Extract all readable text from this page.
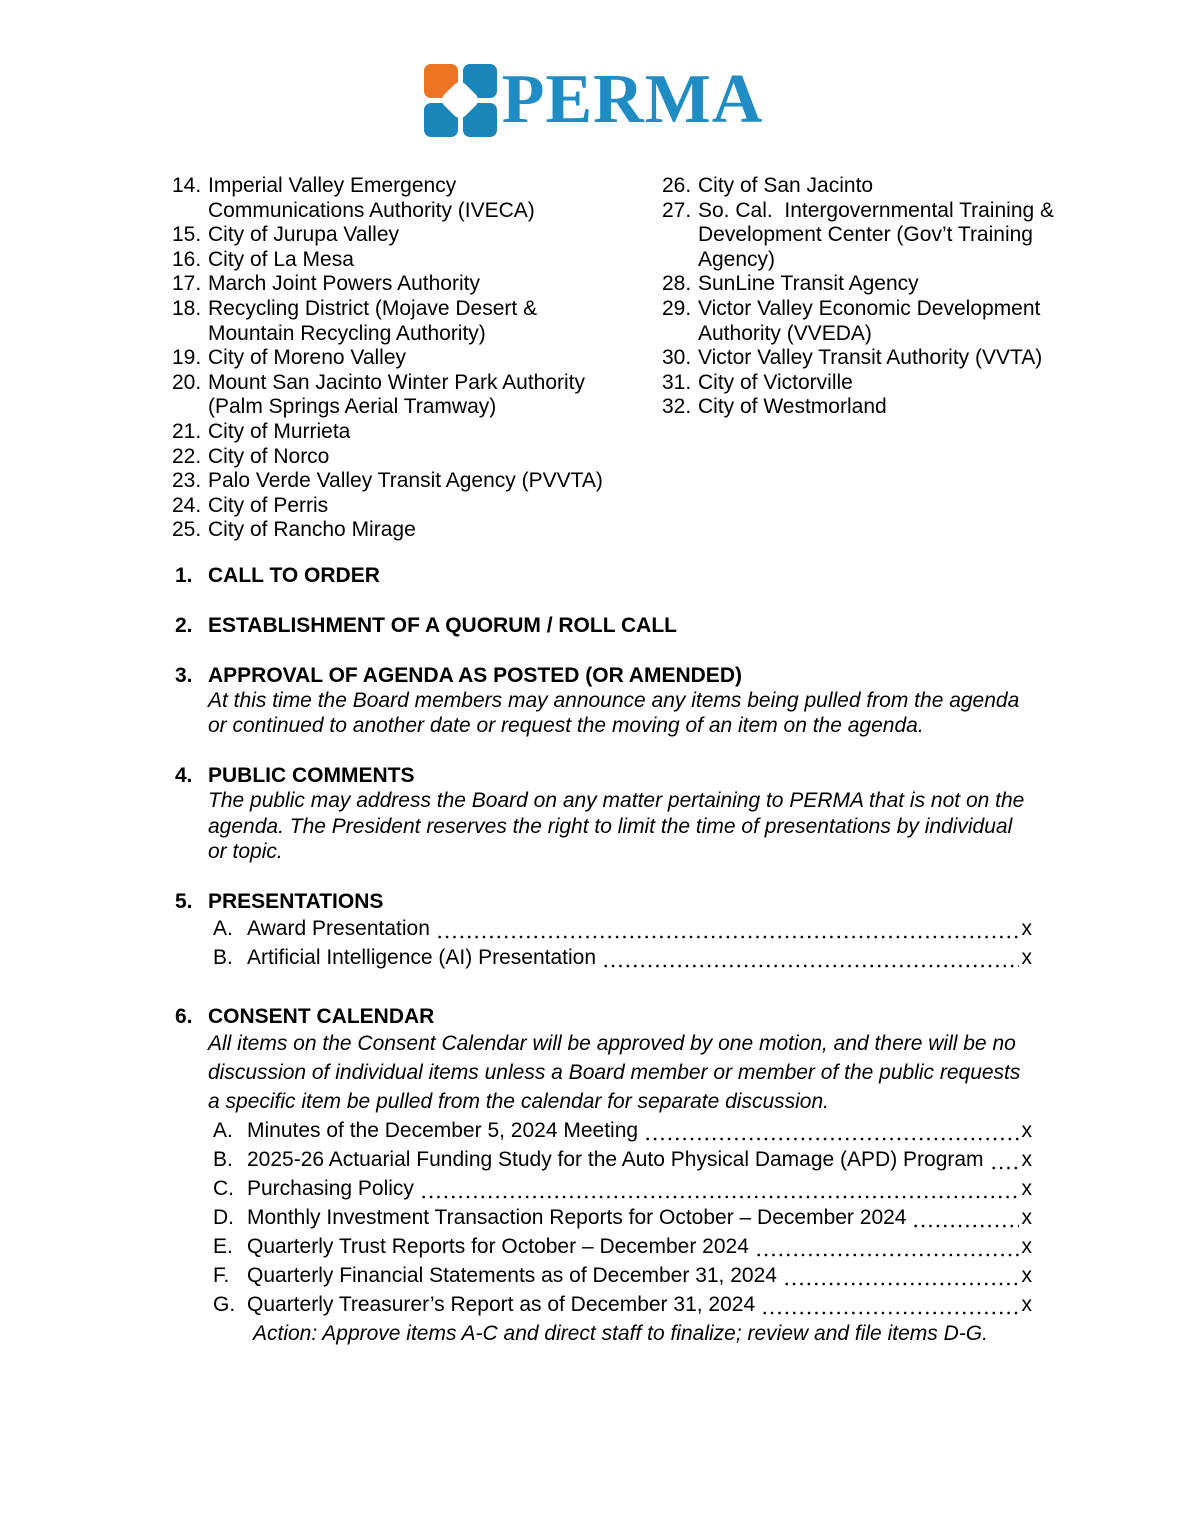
PERMA
14. Imperial Valley Emergency Communications Authority (IVECA)
15. City of Jurupa Valley
16. City of La Mesa
17. March Joint Powers Authority
18. Recycling District (Mojave Desert & Mountain Recycling Authority)
19. City of Moreno Valley
20. Mount San Jacinto Winter Park Authority (Palm Springs Aerial Tramway)
21. City of Murrieta
22. City of Norco
23. Palo Verde Valley Transit Agency (PVVTA)
24. City of Perris
25. City of Rancho Mirage
26. City of San Jacinto
27. So. Cal.  Intergovernmental Training & Development Center (Gov’t Training Agency)
28. SunLine Transit Agency
29. Victor Valley Economic Development Authority (VVEDA)
30. Victor Valley Transit Authority (VVTA)
31. City of Victorville
32. City of Westmorland
1. CALL TO ORDER
2. ESTABLISHMENT OF A QUORUM / ROLL CALL
3. APPROVAL OF AGENDA AS POSTED (OR AMENDED)
At this time the Board members may announce any items being pulled from the agenda or continued to another date or request the moving of an item on the agenda.
4. PUBLIC COMMENTS
The public may address the Board on any matter pertaining to PERMA that is not on the agenda. The President reserves the right to limit the time of presentations by individual or topic.
5. PRESENTATIONS
A. Award Presentation	x
B. Artificial Intelligence (AI) Presentation	x
6. CONSENT CALENDAR
All items on the Consent Calendar will be approved by one motion, and there will be no discussion of individual items unless a Board member or member of the public requests a specific item be pulled from the calendar for separate discussion.
A. Minutes of the December 5, 2024 Meeting	x
B. 2025-26 Actuarial Funding Study for the Auto Physical Damage (APD) Program x
C. Purchasing Policy	x
D. Monthly Investment Transaction Reports for October – December 2024	x
E. Quarterly Trust Reports for October – December 2024	x
F. Quarterly Financial Statements as of December 31, 2024	x
G. Quarterly Treasurer’s Report as of December 31, 2024	x
Action: Approve items A-C and direct staff to finalize; review and file items D-G.
